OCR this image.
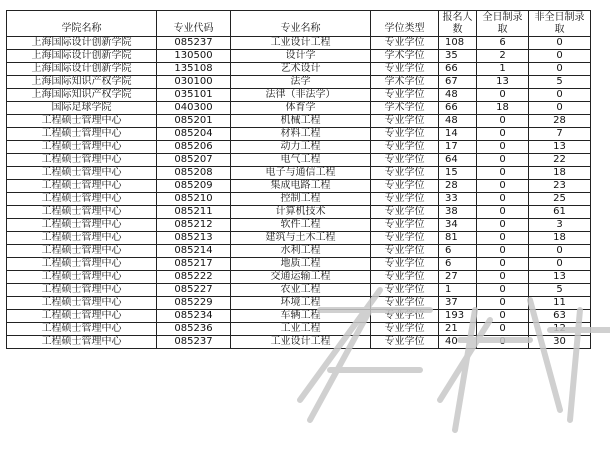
学院名称	专业代码	专业名称	学位类型	报名人数	全日制录取	非全日制录取
上海国际设计创新学院	085237	工业设计工程	专业学位	108	6	0
上海国际设计创新学院	130500	设计学	学术学位	35	2	0
上海国际设计创新学院	135108	艺术设计	专业学位	66	1	0
上海国际知识产权学院	030100	法学	学术学位	67	13	5
上海国际知识产权学院	035101	法律（非法学）	专业学位	48	0	0
国际足球学院	040300	体育学	学术学位	66	18	0
工程硕士管理中心	085201	机械工程	专业学位	48	0	28
工程硕士管理中心	085204	材料工程	专业学位	14	0	7
工程硕士管理中心	085206	动力工程	专业学位	17	0	13
工程硕士管理中心	085207	电气工程	专业学位	64	0	22
工程硕士管理中心	085208	电子与通信工程	专业学位	15	0	18
工程硕士管理中心	085209	集成电路工程	专业学位	28	0	23
工程硕士管理中心	085210	控制工程	专业学位	33	0	25
工程硕士管理中心	085211	计算机技术	专业学位	38	0	61
工程硕士管理中心	085212	软件工程	专业学位	34	0	3
工程硕士管理中心	085213	建筑与土木工程	专业学位	81	0	18
工程硕士管理中心	085214	水利工程	专业学位	6	0	0
工程硕士管理中心	085217	地质工程	专业学位	6	0	0
工程硕士管理中心	085222	交通运输工程	专业学位	27	0	13
工程硕士管理中心	085227	农业工程	专业学位	1	0	5
工程硕士管理中心	085229	环境工程	专业学位	37	0	11
工程硕士管理中心	085234	车辆工程	专业学位	193	0	63
工程硕士管理中心	085236	工业工程	专业学位	21	0	12
工程硕士管理中心	085237	工业设计工程	专业学位	40	0	30
